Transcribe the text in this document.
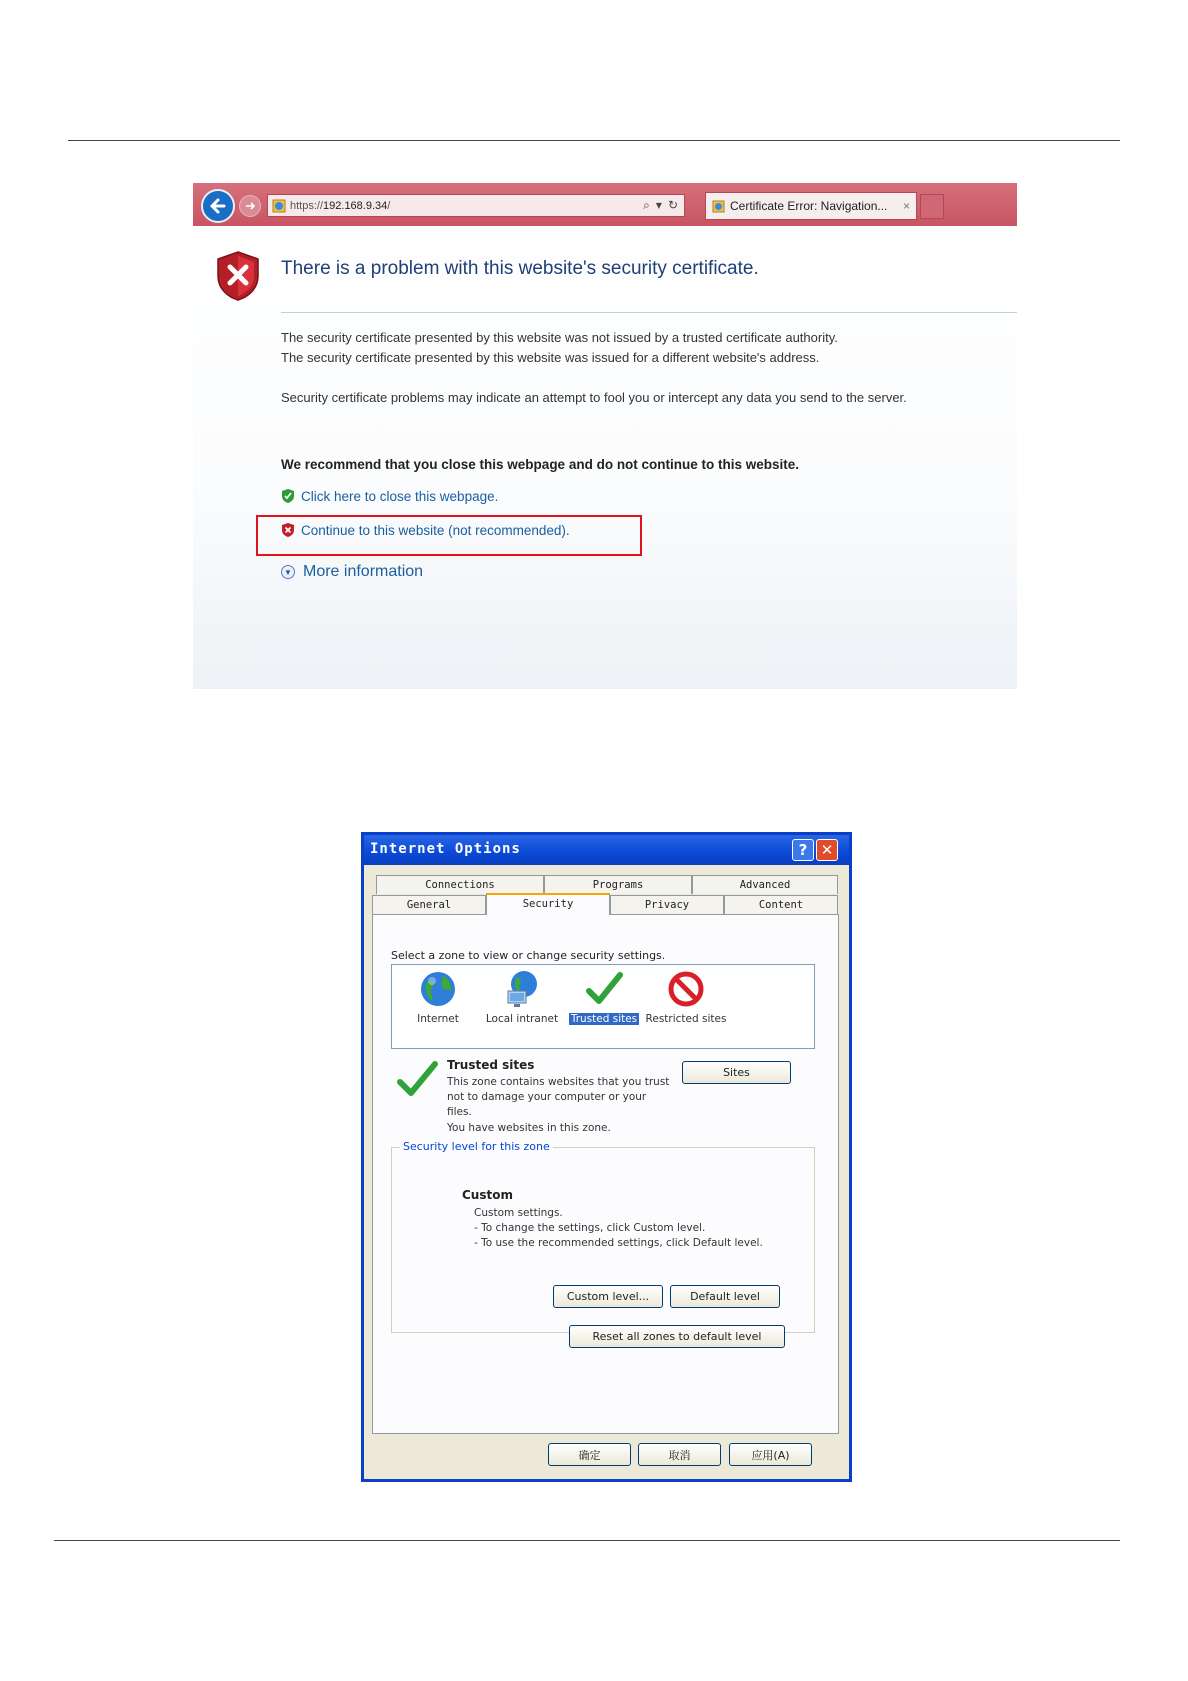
https:// 192.168.9.34 /	⌕ ▾ ↻	Certificate Error: Navigation... ×
There is a problem with this website's security certificate.
The security certificate presented by this website was not issued by a trusted certificate authority.
The security certificate presented by this website was issued for a different website's address.
Security certificate problems may indicate an attempt to fool you or intercept any data you send to the server.
We recommend that you close this webpage and do not continue to this website.
Click here to close this webpage.
Continue to this website (not recommended).
▼ More information
Internet Options	? ✕
Connections	Programs	Advanced
General	Security	Privacy	Content
Select a zone to view or change security settings.
Internet	Local intranet	Trusted sites Restricted sites
Trusted sites
This zone contains websites that you trust not to damage your computer or your files.
You have websites in this zone.
Sites
Security level for this zone
Custom
Custom settings.
- To change the settings, click Custom level.
- To use the recommended settings, click Default level.
Custom level...	Default level
Reset all zones to default level
确定	取消	应用(A)
